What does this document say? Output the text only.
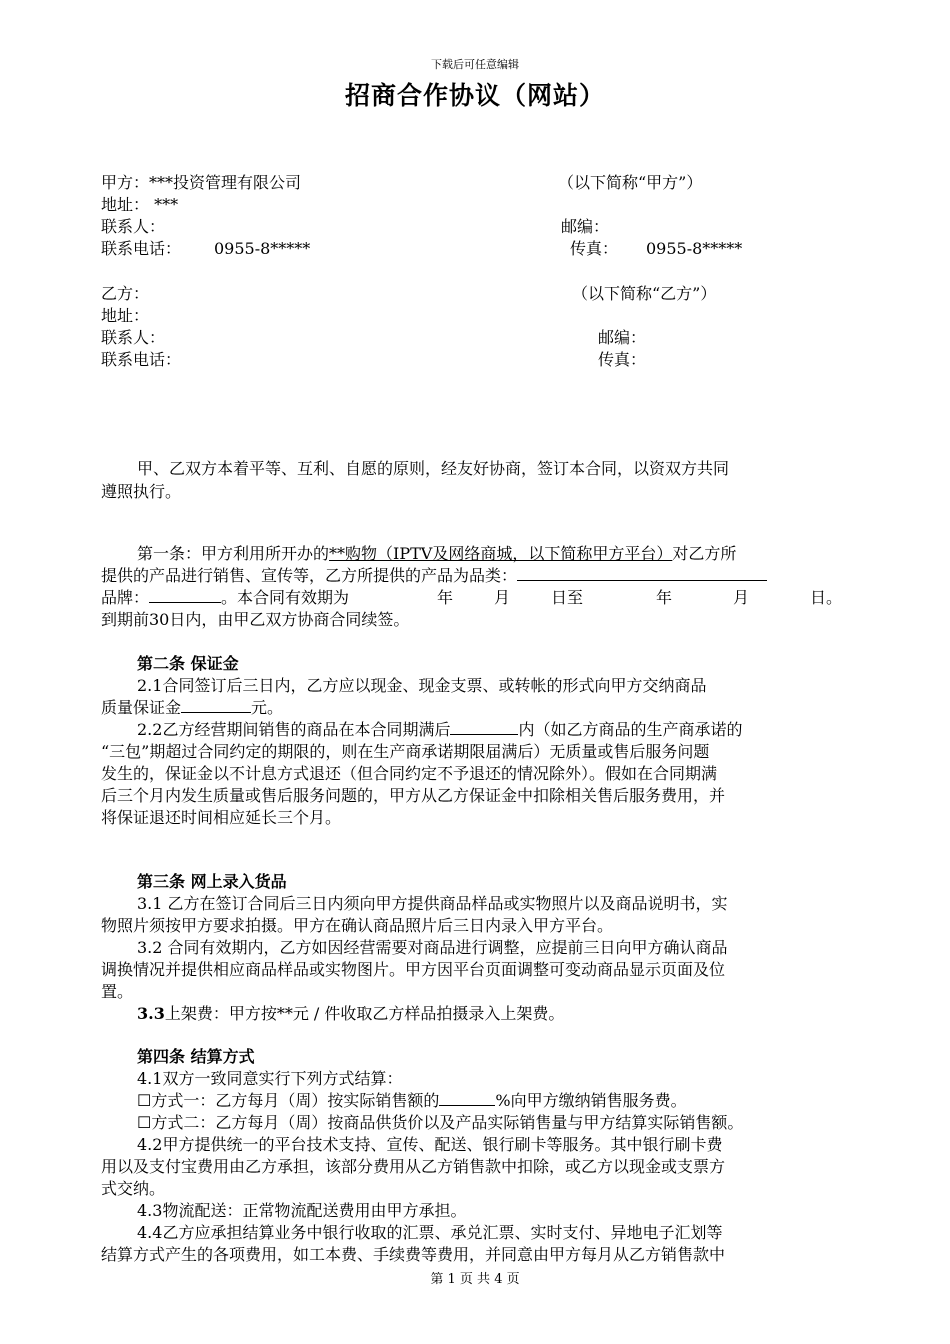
下载后可任意编辑
招商合作协议（网站）
甲方：***投资管理有限公司	（以下简称“甲方”）
地址： ***
联系人：	邮编：
联系电话： 0955-8*****	传真： 0955-8*****
乙方：	（以下简称“乙方”）
地址：
联系人：	邮编：
联系电话：	传真：
甲、乙双方本着平等、互利、自愿的原则，经友好协商，签订本合同，以资双方共同
遵照执行。
第一条：甲方利用所开办的**购物（IPTV及网络商城，以下简称甲方平台）对乙方所
提供的产品进行销售、宣传等，乙方所提供的产品为品类：
品牌：	。本合同有效期为	年	月	日至	年	月	日。
到期前30日内，由甲乙双方协商合同续签。
第二条 保证金
2.1合同签订后三日内，乙方应以现金、现金支票、或转帐的形式向甲方交纳商品
质量保证金	元。
2.2乙方经营期间销售的商品在本合同期满后	内（如乙方商品的生产商承诺的
“三包”期超过合同约定的期限的，则在生产商承诺期限届满后）无质量或售后服务问题
发生的，保证金以不计息方式退还（但合同约定不予退还的情况除外）。假如在合同期满
后三个月内发生质量或售后服务问题的，甲方从乙方保证金中扣除相关售后服务费用，并
将保证退还时间相应延长三个月。
第三条 网上录入货品
3.1 乙方在签订合同后三日内须向甲方提供商品样品或实物照片以及商品说明书，实
物照片须按甲方要求拍摄。甲方在确认商品照片后三日内录入甲方平台。
3.2 合同有效期内，乙方如因经营需要对商品进行调整，应提前三日向甲方确认商品
调换情况并提供相应商品样品或实物图片。甲方因平台页面调整可变动商品显示页面及位
置。
3.3上架费：甲方按**元 / 件收取乙方样品拍摄录入上架费。
第四条 结算方式
4.1双方一致同意实行下列方式结算：
☐方式一：乙方每月（周）按实际销售额的	%向甲方缴纳销售服务费。
☐方式二：乙方每月（周）按商品供货价以及产品实际销售量与甲方结算实际销售额。
4.2甲方提供统一的平台技术支持、宣传、配送、银行刷卡等服务。其中银行刷卡费
用以及支付宝费用由乙方承担，该部分费用从乙方销售款中扣除，或乙方以现金或支票方
式交纳。
4.3物流配送：正常物流配送费用由甲方承担。
4.4乙方应承担结算业务中银行收取的汇票、承兑汇票、实时支付、异地电子汇划等
结算方式产生的各项费用，如工本费、手续费等费用，并同意由甲方每月从乙方销售款中
第 1 页 共 4 页
